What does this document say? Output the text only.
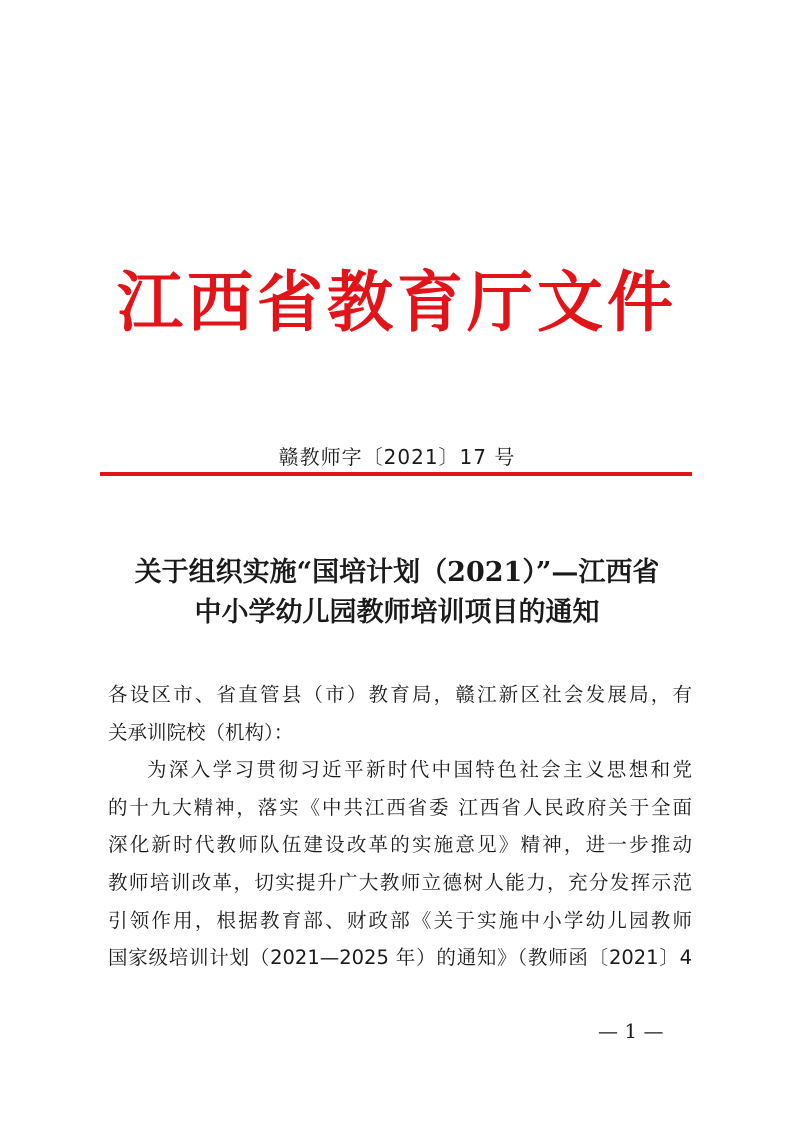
江西省教育厅文件
赣教师字〔2021〕17 号
关于组织实施“国培计划（2021）”—江西省
中小学幼儿园教师培训项目的通知
各设区市、省直管县（市）教育局，赣江新区社会发展局，有
关承训院校（机构）：
为深入学习贯彻习近平新时代中国特色社会主义思想和党
的十九大精神，落实《中共江西省委 江西省人民政府关于全面
深化新时代教师队伍建设改革的实施意见》精神，进一步推动
教师培训改革，切实提升广大教师立德树人能力，充分发挥示范
引领作用，根据教育部、财政部《关于实施中小学幼儿园教师
国家级培训计划（2021—2025 年）的通知》（教师函〔2021〕4
— 1 —
